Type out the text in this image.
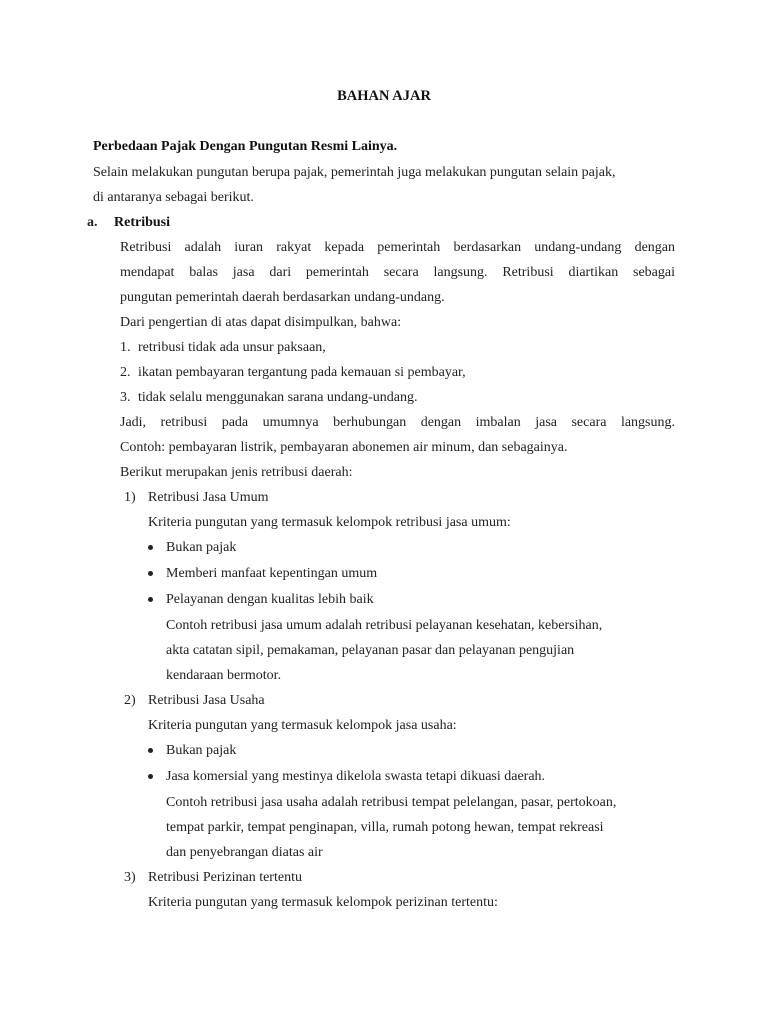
BAHAN AJAR

Perbedaan Pajak Dengan Pungutan Resmi Lainya.

Selain melakukan pungutan berupa pajak, pemerintah juga melakukan pungutan selain pajak,

di antaranya sebagai berikut.

a. Retribusi

Retribusi adalah iuran rakyat kepada pemerintah berdasarkan undang-undang dengan

mendapat balas jasa dari pemerintah secara langsung. Retribusi diartikan sebagai

pungutan pemerintah daerah berdasarkan undang-undang.

Dari pengertian di atas dapat disimpulkan, bahwa:

1. retribusi tidak ada unsur paksaan,
2. ikatan pembayaran tergantung pada kemauan si pembayar,
3. tidak selalu menggunakan sarana undang-undang.

Jadi, retribusi pada umumnya berhubungan dengan imbalan jasa secara langsung.

Contoh: pembayaran listrik, pembayaran abonemen air minum, dan sebagainya.

Berikut merupakan jenis retribusi daerah:

1) Retribusi Jasa Umum

Kriteria pungutan yang termasuk kelompok retribusi jasa umum:

Bukan pajak
Memberi manfaat kepentingan umum
Pelayanan dengan kualitas lebih baik

Contoh retribusi jasa umum adalah retribusi pelayanan kesehatan, kebersihan,

akta catatan sipil, pemakaman, pelayanan pasar dan pelayanan pengujian

kendaraan bermotor.

2) Retribusi Jasa Usaha

Kriteria pungutan yang termasuk kelompok jasa usaha:

Bukan pajak
Jasa komersial yang mestinya dikelola swasta tetapi dikuasi daerah.

Contoh retribusi jasa usaha adalah retribusi tempat pelelangan, pasar, pertokoan,

tempat parkir, tempat penginapan, villa, rumah potong hewan, tempat rekreasi

dan penyebrangan diatas air

3) Retribusi Perizinan tertentu

Kriteria pungutan yang termasuk kelompok perizinan tertentu:
